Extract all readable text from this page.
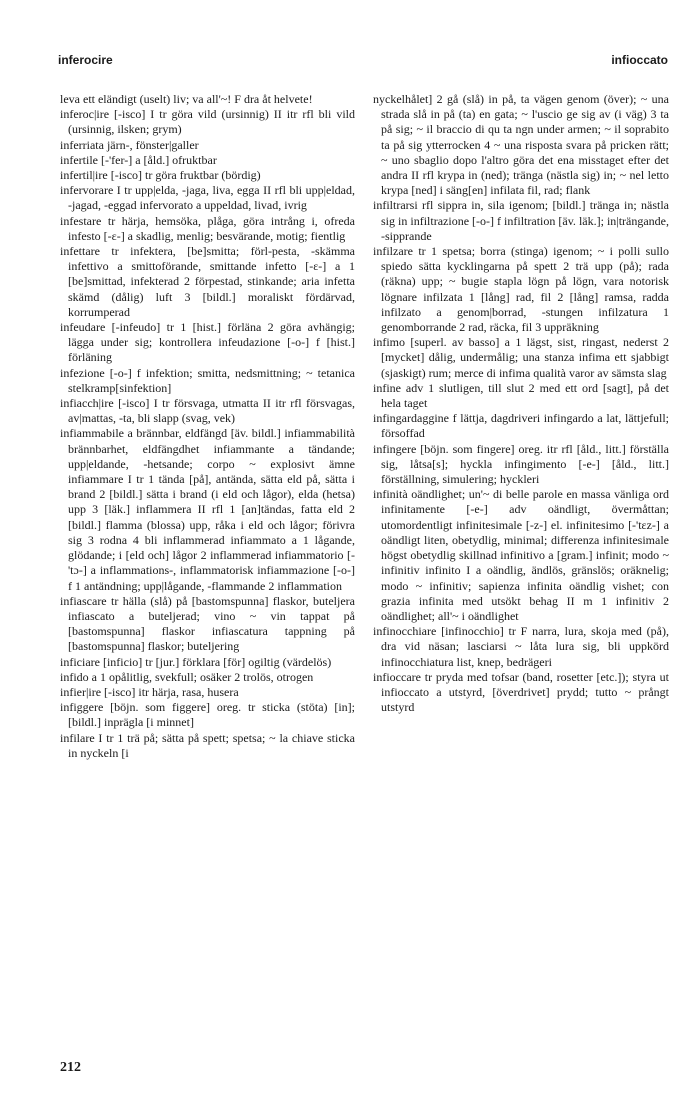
inferocire	infioccato

leva ett eländigt (uselt) liv; va all'~! F dra åt helvete!

inferoc|ire [-isco] I tr göra vild (ursinnig) II itr rfl bli vild (ursinnig, ilsken; grym)

inferriata järn-, fönster|galler

infertile [-'fer-] a [åld.] ofruktbar

infertil|ire [-isco] tr göra fruktbar (bördig)

infervorare I tr upp|elda, -jaga, liva, egga II rfl bli upp|eldad, -jagad, -eggad infervorato a uppeldad, livad, ivrig

infestare tr härja, hemsöka, plåga, göra intrång i, ofreda infesto [-ɛ-] a skadlig, menlig; besvärande, motig; fientlig

infettare tr infektera, [be]smitta; förl-pesta, -skämma infettivo a smittoförande, smittande infetto [-ɛ-] a 1 [be]smittad, infekterad 2 förpestad, stinkande; aria infetta skämd (dålig) luft 3 [bildl.] moraliskt fördärvad, korrumperad

infeudare [-infeudo] tr 1 [hist.] förläna 2 göra avhängig; lägga under sig; kontrollera infeudazione [-o-] f [hist.] förläning

infezione [-o-] f infektion; smitta, nedsmittning; ~ tetanica stelkramp[sinfektion]

infiacch|ire [-isco] I tr försvaga, utmatta II itr rfl försvagas, av|mattas, -ta, bli slapp (svag, vek)

infiammabile a brännbar, eldfängd [äv. bildl.] infiammabilità brännbarhet, eldfängdhet infiammante a tändande; upp|eldande, -hetsande; corpo ~ explosivt ämne infiammare I tr 1 tända [på], antända, sätta eld på, sätta i brand 2 [bildl.] sätta i brand (i eld och lågor), elda (hetsa) upp 3 [läk.] inflammera II rfl 1 [an]tändas, fatta eld 2 [bildl.] flamma (blossa) upp, råka i eld och lågor; förivra sig 3 rodna 4 bli inflammerad infiammato a 1 lågande, glödande; i [eld och] lågor 2 inflammerad infiammatorio [-'tɔ-] a inflammations-, inflammatorisk infiammazione [-o-] f 1 antändning; upp|lågande, -flammande 2 inflammation

infiascare tr hälla (slå) på [bastomspunna] flaskor, buteljera infiascato a buteljerad; vino ~ vin tappat på [bastomspunna] flaskor infiascatura tappning på [bastomspunna] flaskor; buteljering

inficiare [inficio] tr [jur.] förklara [för] ogiltig (värdelös)

infido a 1 opålitlig, svekfull; osäker 2 trolös, otrogen

infier|ire [-isco] itr härja, rasa, husera

infiggere [böjn. som figgere] oreg. tr sticka (stöta) [in]; [bildl.] inprägla [i minnet]

infilare I tr 1 trä på; sätta på spett; spetsa; ~ la chiave sticka in nyckeln [i

nyckelhålet] 2 gå (slå) in på, ta vägen genom (över); ~ una strada slå in på (ta) en gata; ~ l'uscio ge sig av (i väg) 3 ta på sig; ~ il braccio di qu ta ngn under armen; ~ il soprabito ta på sig ytterrocken 4 ~ una risposta svara på pricken rätt; ~ uno sbaglio dopo l'altro göra det ena misstaget efter det andra II rfl krypa in (ned); tränga (nästla sig) in; ~ nel letto krypa [ned] i säng[en] infilata fil, rad; flank

infiltrarsi rfl sippra in, sila igenom; [bildl.] tränga in; nästla sig in infiltrazione [-o-] f infiltration [äv. läk.]; in|trängande, -sipprande

infilzare tr 1 spetsa; borra (stinga) igenom; ~ i polli sullo spiedo sätta kycklingarna på spett 2 trä upp (på); rada (räkna) upp; ~ bugie stapla lögn på lögn, vara notorisk lögnare infilzata 1 [lång] rad, fil 2 [lång] ramsa, radda infilzato a genom|borrad, -stungen infilzatura 1 genomborrande 2 rad, räcka, fil 3 uppräkning

infimo [superl. av basso] a 1 lägst, sist, ringast, nederst 2 [mycket] dålig, undermålig; una stanza infima ett sjabbigt (sjaskigt) rum; merce di infima qualità varor av sämsta slag

infine adv 1 slutligen, till slut 2 med ett ord [sagt], på det hela taget

infingardaggine f lättja, dagdriveri infingardo a lat, lättjefull; försoffad

infingere [böjn. som fingere] oreg. itr rfl [åld., litt.] förställa sig, låtsa[s]; hyckla infingimento [-e-] [åld., litt.] förställning, simulering; hyckleri

infinità oändlighet; un'~ di belle parole en massa vänliga ord infinitamente [-e-] adv oändligt, övermåttan; utomordentligt infinitesimale [-z-] el. infinitesimo [-'tɛz-] a oändligt liten, obetydlig, minimal; differenza infinitesimale högst obetydlig skillnad infinitivo a [gram.] infinit; modo ~ infinitiv infinito I a oändlig, ändlös, gränslös; oräknelig; modo ~ infinitiv; sapienza infinita oändlig vishet; con grazia infinita med utsökt behag II m 1 infinitiv 2 oändlighet; all'~ i oändlighet

infinocchiare [infinocchio] tr F narra, lura, skoja med (på), dra vid näsan; lasciarsi ~ låta lura sig, bli uppkörd infinocchiatura list, knep, bedrägeri

infioccare tr pryda med tofsar (band, rosetter [etc.]); styra ut infioccato a utstyrd, [överdrivet] prydd; tutto ~ prångt utstyrd

212
